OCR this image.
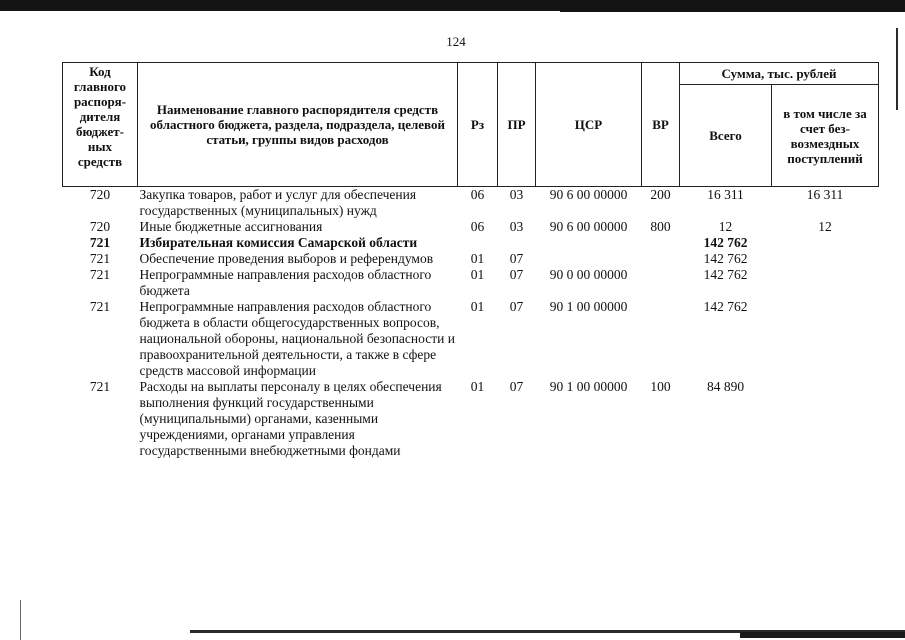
124
Код главного распоря- дителя бюджет- ных средств	Наименование главного распорядителя средств областного бюджета, раздела, подраздела, целевой статьи, группы видов расходов	Рз	ПР	ЦСР	ВР	Сумма, тыс. рублей	
						Всего	в том числе за счет без- возмездных поступлений
720	Закупка товаров, работ и услуг для обеспечения государственных (муниципальных) нужд	06	03	90 6 00 00000	200	16 311	16 311
720	Иные бюджетные ассигнования	06	03	90 6 00 00000	800	12	12
721	Избирательная комиссия Самарской области					142 762	
721	Обеспечение проведения выборов и референдумов	01	07			142 762	
721	Непрограммные направления расходов областного бюджета	01	07	90 0 00 00000		142 762	
721	Непрограммные направления расходов областного бюджета в области общегосударственных вопросов, национальной обороны, национальной безопасности и правоохранительной деятельности, а также в сфере средств массовой информации	01	07	90 1 00 00000		142 762	
721	Расходы на выплаты персоналу в целях обеспечения выполнения функций государственными (муниципальными) органами, казенными учреждениями, органами управления государственными внебюджетными фондами	01	07	90 1 00 00000	100	84 890	
